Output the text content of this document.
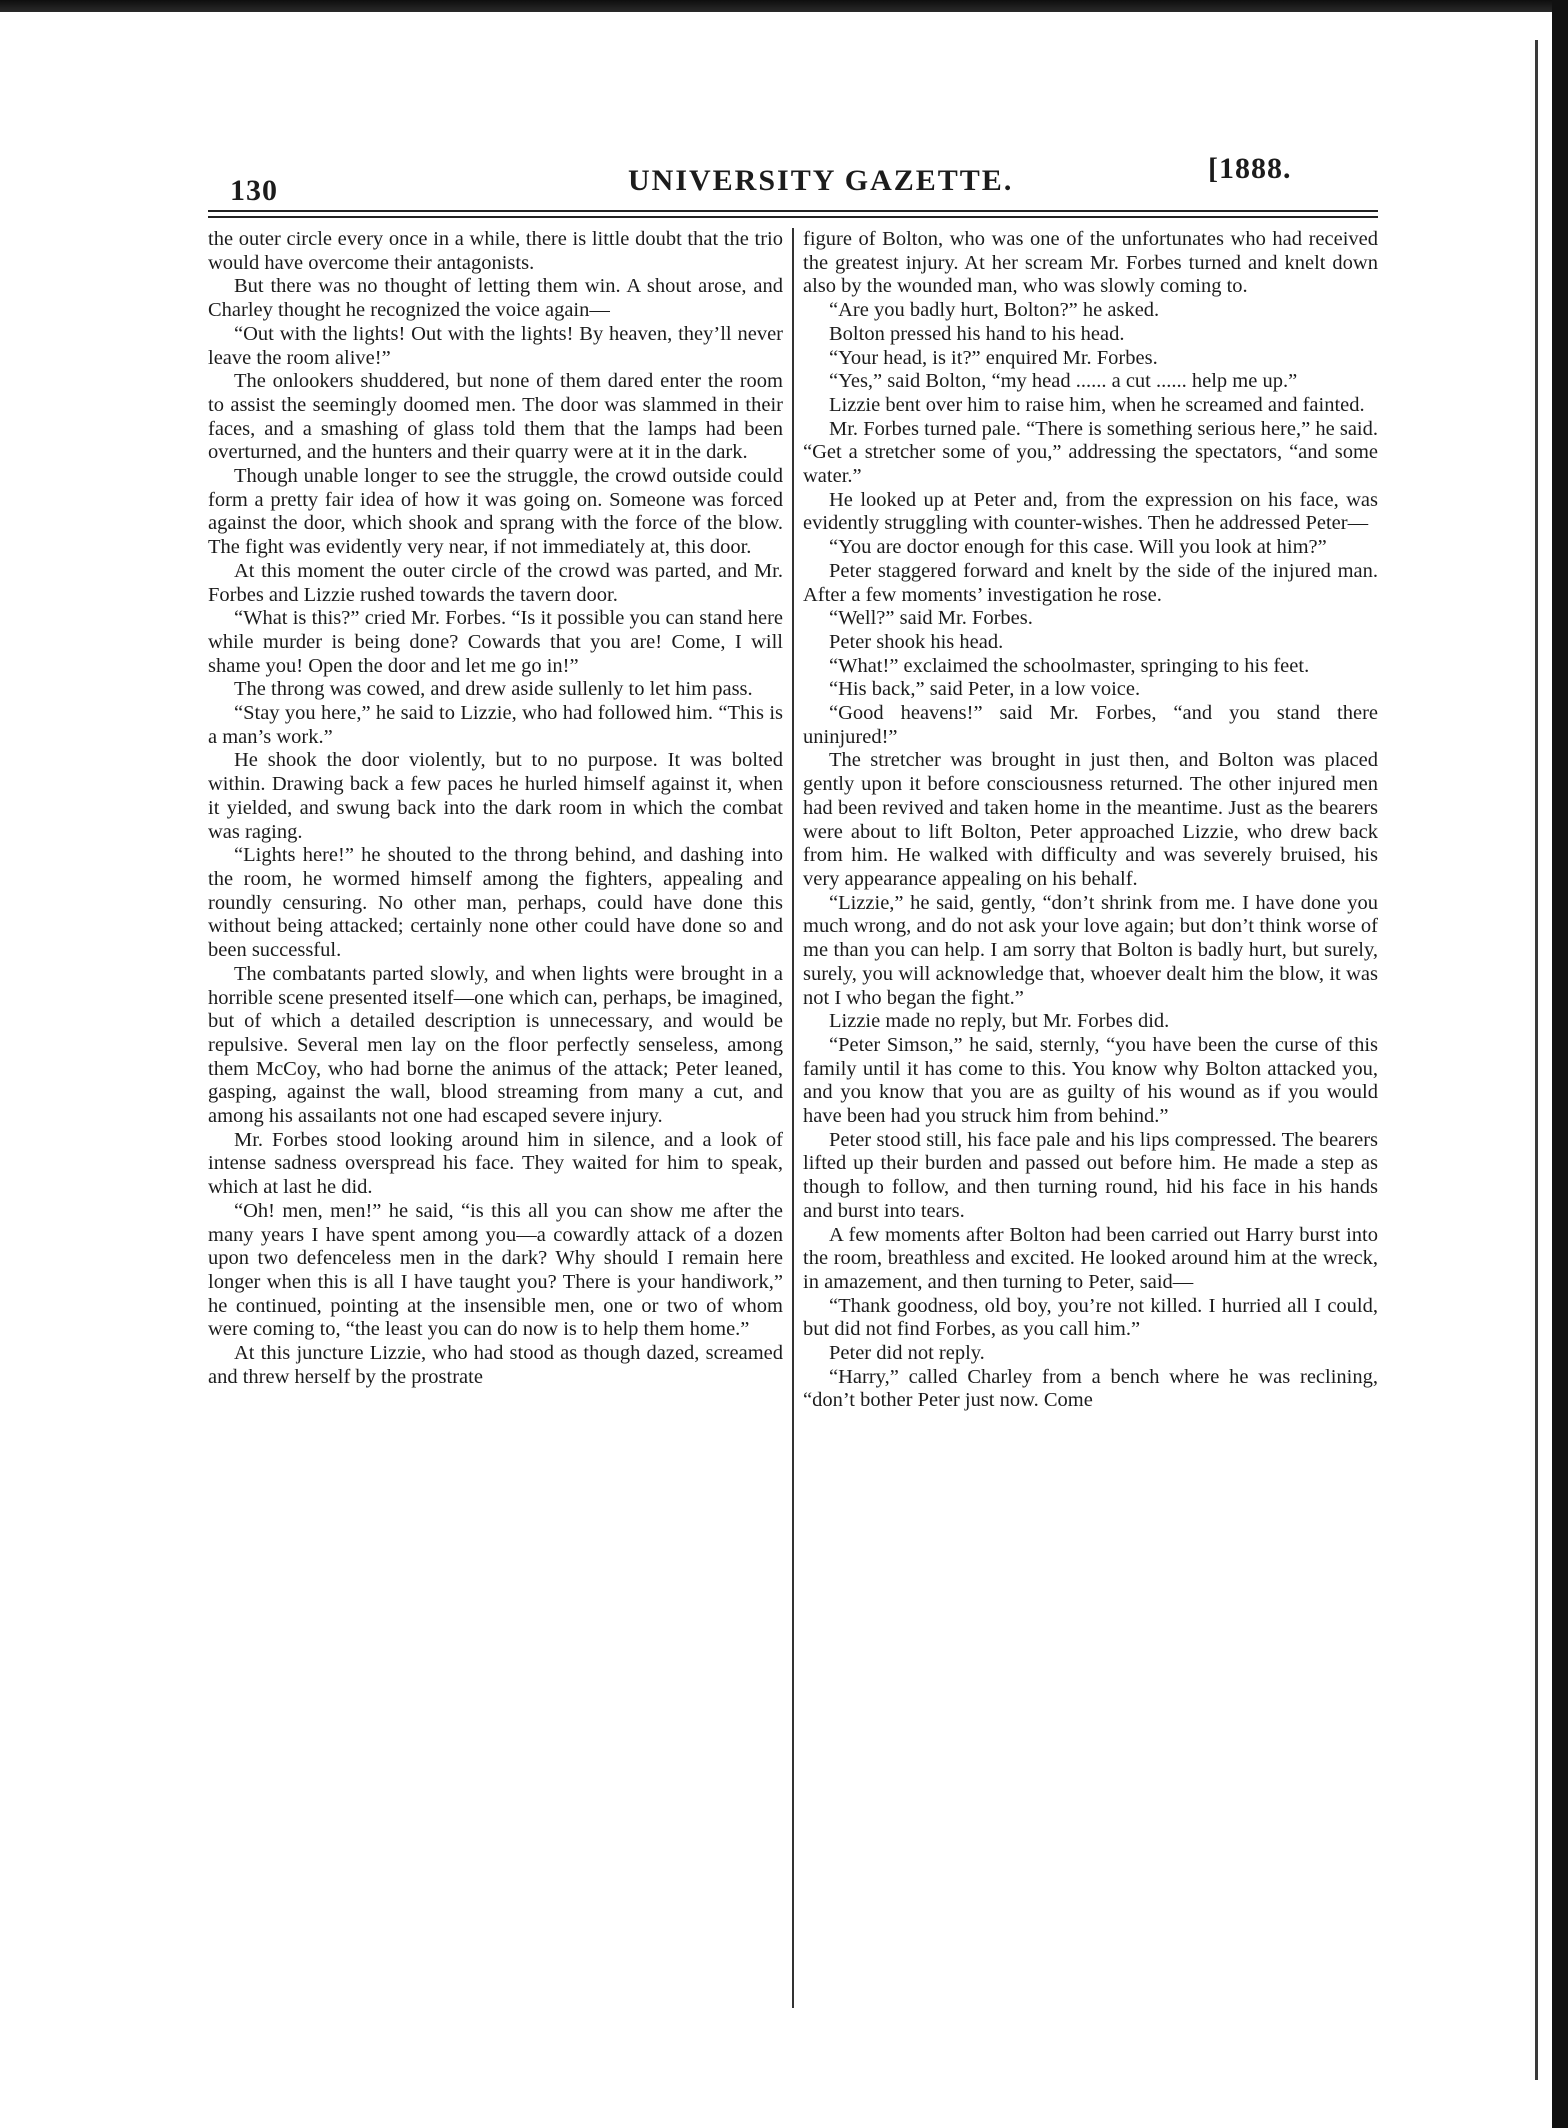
130	UNIVERSITY GAZETTE.	[1888.

the outer circle every once in a while, there is little doubt that the trio would have overcome their antagonists.

But there was no thought of letting them win. A shout arose, and Charley thought he recognized the voice again—

“Out with the lights! Out with the lights! By heaven, they’ll never leave the room alive!”

The onlookers shuddered, but none of them dared enter the room to assist the seemingly doomed men. The door was slammed in their faces, and a smashing of glass told them that the lamps had been overturned, and the hunters and their quarry were at it in the dark.

Though unable longer to see the struggle, the crowd outside could form a pretty fair idea of how it was going on. Someone was forced against the door, which shook and sprang with the force of the blow. The fight was evidently very near, if not immediately at, this door.

At this moment the outer circle of the crowd was parted, and Mr. Forbes and Lizzie rushed towards the tavern door.

“What is this?” cried Mr. Forbes. “Is it possible you can stand here while murder is being done? Cowards that you are! Come, I will shame you! Open the door and let me go in!”

The throng was cowed, and drew aside sullenly to let him pass.

“Stay you here,” he said to Lizzie, who had followed him. “This is a man’s work.”

He shook the door violently, but to no purpose. It was bolted within. Drawing back a few paces he hurled himself against it, when it yielded, and swung back into the dark room in which the combat was raging.

“Lights here!” he shouted to the throng behind, and dashing into the room, he wormed himself among the fighters, appealing and roundly censuring. No other man, perhaps, could have done this without being attacked; certainly none other could have done so and been successful.

The combatants parted slowly, and when lights were brought in a horrible scene presented itself—one which can, perhaps, be imagined, but of which a detailed description is unnecessary, and would be repulsive. Several men lay on the floor perfectly senseless, among them McCoy, who had borne the animus of the attack; Peter leaned, gasping, against the wall, blood streaming from many a cut, and among his assailants not one had escaped severe injury.

Mr. Forbes stood looking around him in silence, and a look of intense sadness overspread his face. They waited for him to speak, which at last he did.

“Oh! men, men!” he said, “is this all you can show me after the many years I have spent among you—a cowardly attack of a dozen upon two defenceless men in the dark? Why should I remain here longer when this is all I have taught you? There is your handiwork,” he continued, pointing at the insensible men, one or two of whom were coming to, “the least you can do now is to help them home.”

At this juncture Lizzie, who had stood as though dazed, screamed and threw herself by the prostrate

figure of Bolton, who was one of the unfortunates who had received the greatest injury. At her scream Mr. Forbes turned and knelt down also by the wounded man, who was slowly coming to.

“Are you badly hurt, Bolton?” he asked.

Bolton pressed his hand to his head.

“Your head, is it?” enquired Mr. Forbes.

“Yes,” said Bolton, “my head ...... a cut ...... help me up.”

Lizzie bent over him to raise him, when he screamed and fainted.

Mr. Forbes turned pale. “There is something serious here,” he said. “Get a stretcher some of you,” addressing the spectators, “and some water.”

He looked up at Peter and, from the expression on his face, was evidently struggling with counter-wishes. Then he addressed Peter—

“You are doctor enough for this case. Will you look at him?”

Peter staggered forward and knelt by the side of the injured man. After a few moments’ investigation he rose.

“Well?” said Mr. Forbes.

Peter shook his head.

“What!” exclaimed the schoolmaster, springing to his feet.

“His back,” said Peter, in a low voice.

“Good heavens!” said Mr. Forbes, “and you stand there uninjured!”

The stretcher was brought in just then, and Bolton was placed gently upon it before consciousness returned. The other injured men had been revived and taken home in the meantime. Just as the bearers were about to lift Bolton, Peter approached Lizzie, who drew back from him. He walked with difficulty and was severely bruised, his very appearance appealing on his behalf.

“Lizzie,” he said, gently, “don’t shrink from me. I have done you much wrong, and do not ask your love again; but don’t think worse of me than you can help. I am sorry that Bolton is badly hurt, but surely, surely, you will acknowledge that, whoever dealt him the blow, it was not I who began the fight.”

Lizzie made no reply, but Mr. Forbes did.

“Peter Simson,” he said, sternly, “you have been the curse of this family until it has come to this. You know why Bolton attacked you, and you know that you are as guilty of his wound as if you would have been had you struck him from behind.”

Peter stood still, his face pale and his lips compressed. The bearers lifted up their burden and passed out before him. He made a step as though to follow, and then turning round, hid his face in his hands and burst into tears.

A few moments after Bolton had been carried out Harry burst into the room, breathless and excited. He looked around him at the wreck, in amazement, and then turning to Peter, said—

“Thank goodness, old boy, you’re not killed. I hurried all I could, but did not find Forbes, as you call him.”

Peter did not reply.

“Harry,” called Charley from a bench where he was reclining, “don’t bother Peter just now. Come
